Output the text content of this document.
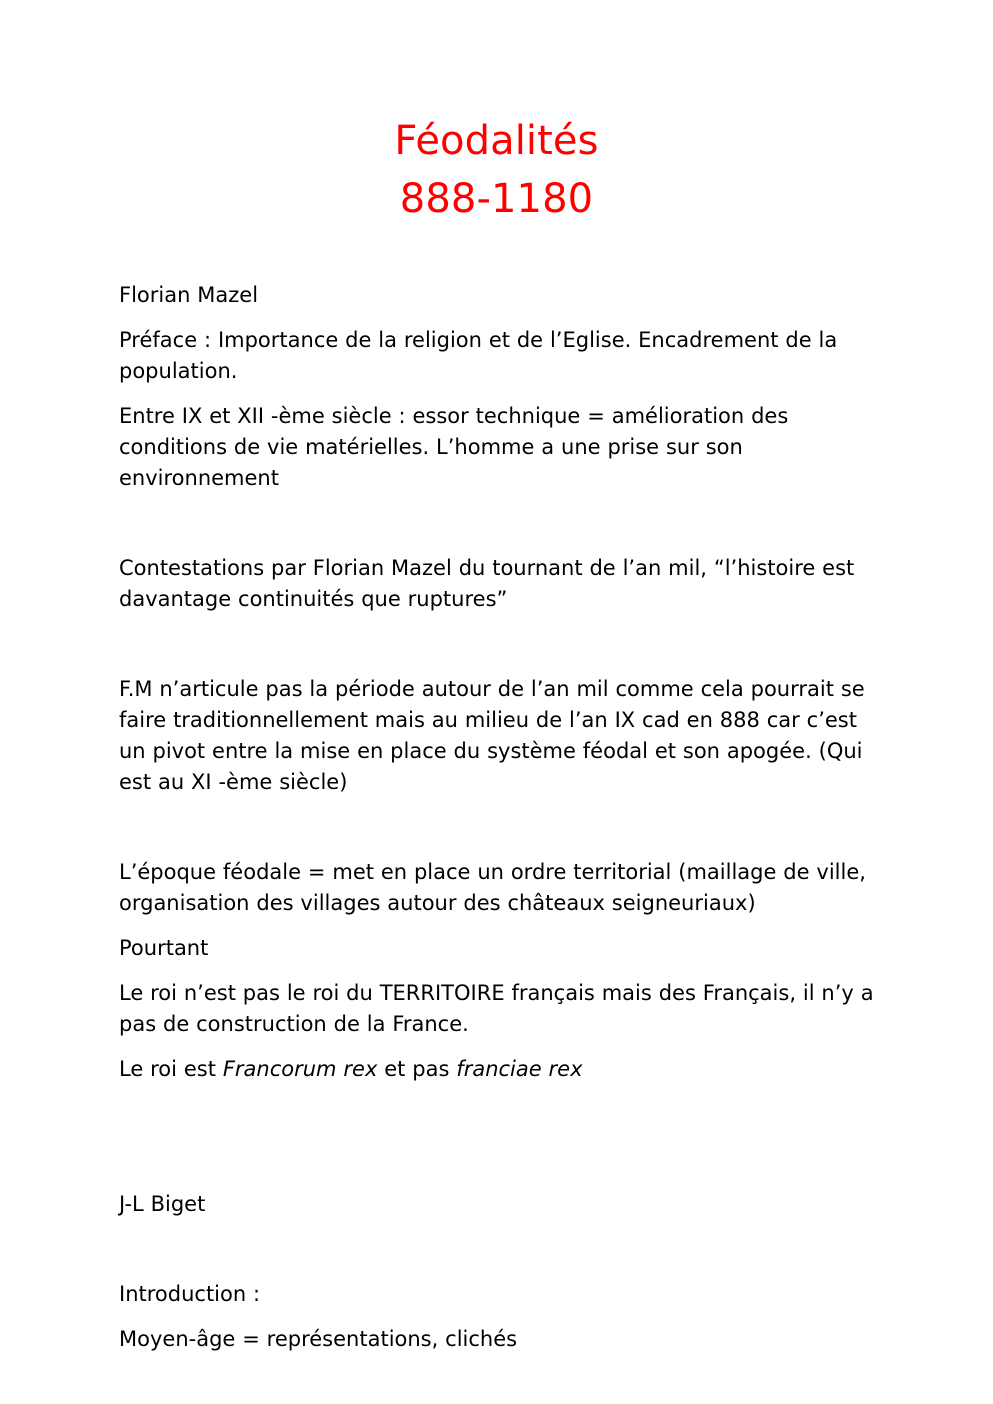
Féodalités
888-1180

Florian Mazel

Préface : Importance de la religion et de l’Eglise. Encadrement de la population.

Entre IX et XII -ème siècle : essor technique = amélioration des conditions de vie matérielles. L’homme a une prise sur son environnement

Contestations par Florian Mazel du tournant de l’an mil, “l’histoire est davantage continuités que ruptures”

F.M n’articule pas la période autour de l’an mil comme cela pourrait se faire traditionnellement mais au milieu de l’an IX cad en 888 car c’est un pivot entre la mise en place du système féodal et son apogée. (Qui est au XI -ème siècle)

L’époque féodale = met en place un ordre territorial (maillage de ville, organisation des villages autour des châteaux seigneuriaux)

Pourtant

Le roi n’est pas le roi du TERRITOIRE français mais des Français, il n’y a pas de construction de la France.

Le roi est Francorum rex et pas franciae rex

J-L Biget

Introduction :

Moyen-âge = représentations, clichés
